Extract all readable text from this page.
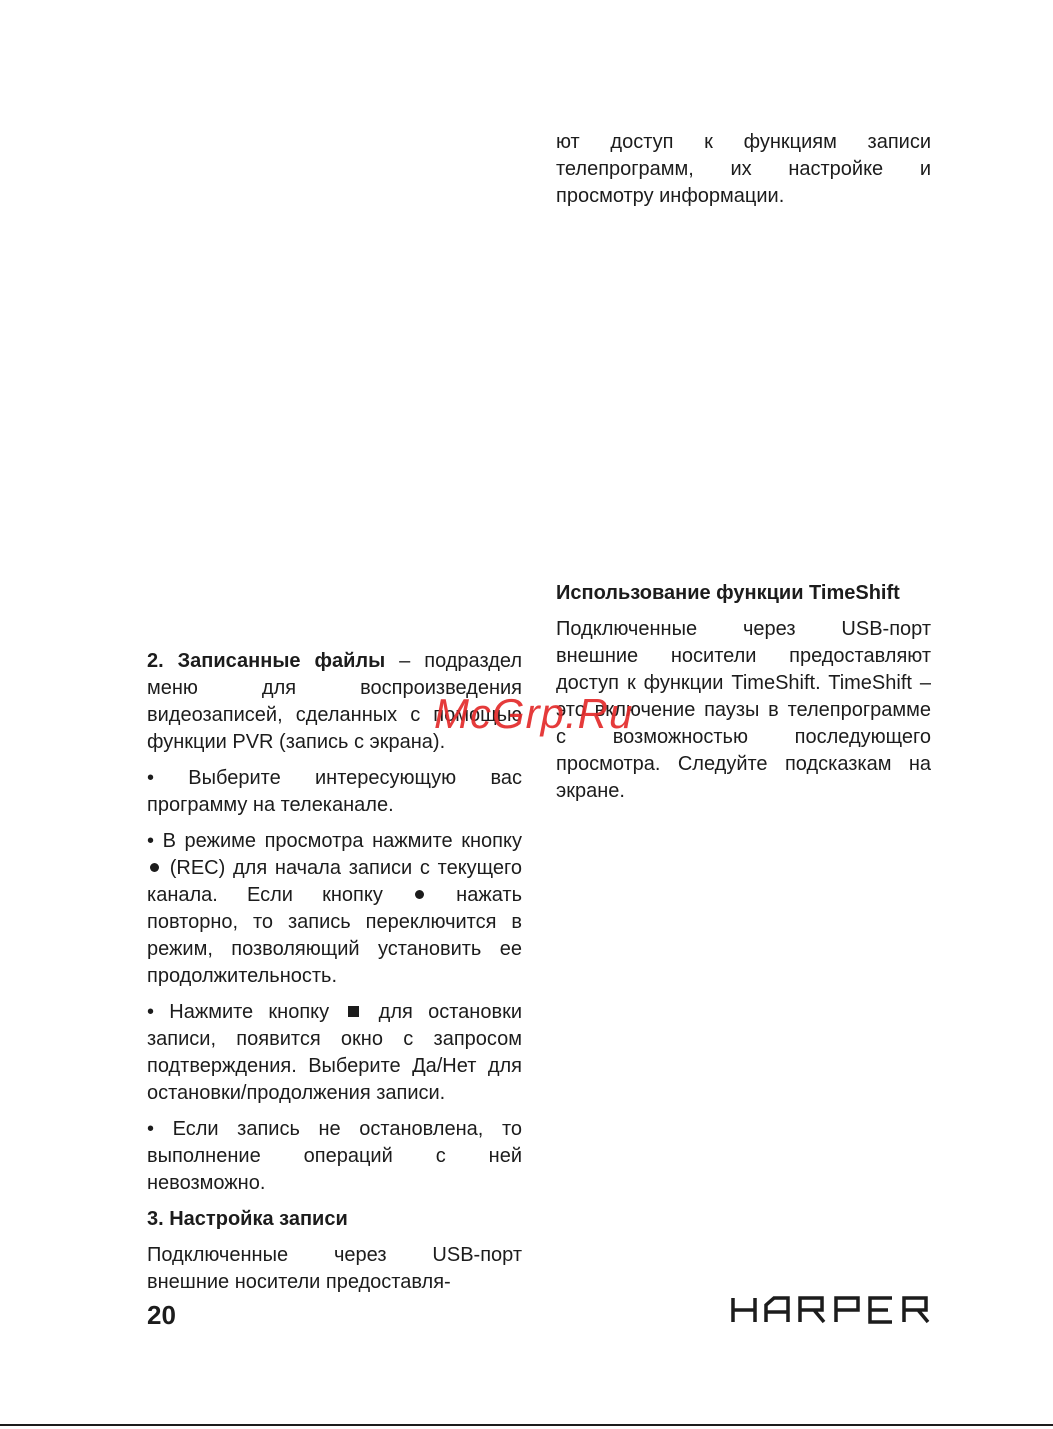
ют доступ к функциям записи телепрограмм, их настройке и просмотру информации.

Использование функции TimeShift

Подключенные через USB-порт внешние носители предоставляют доступ к функции TimeShift. TimeShift – это включение паузы в телепрограмме с возможностью последующего просмотра. Следуйте подсказкам на экране.

2. Записанные файлы – подраздел меню для воспроизведения видеозаписей, сделанных с помощью функции PVR (запись с экрана).

• Выберите интересующую вас программу на телеканале.

• В режиме просмотра нажмите кнопку  (REC) для начала записи с текущего канала. Если кнопку  нажать повторно, то запись переключится в режим, позволяющий установить ее продолжительность.

• Нажмите кнопку  для остановки записи, появится окно с запросом подтверждения. Выберите Да/Нет для остановки/продолжения записи.

• Если запись не остановлена, то выполнение операций с ней невозможно.

3. Настройка записи

Подключенные через USB-порт внешние носители предоставля-

McGrp.Ru
20
